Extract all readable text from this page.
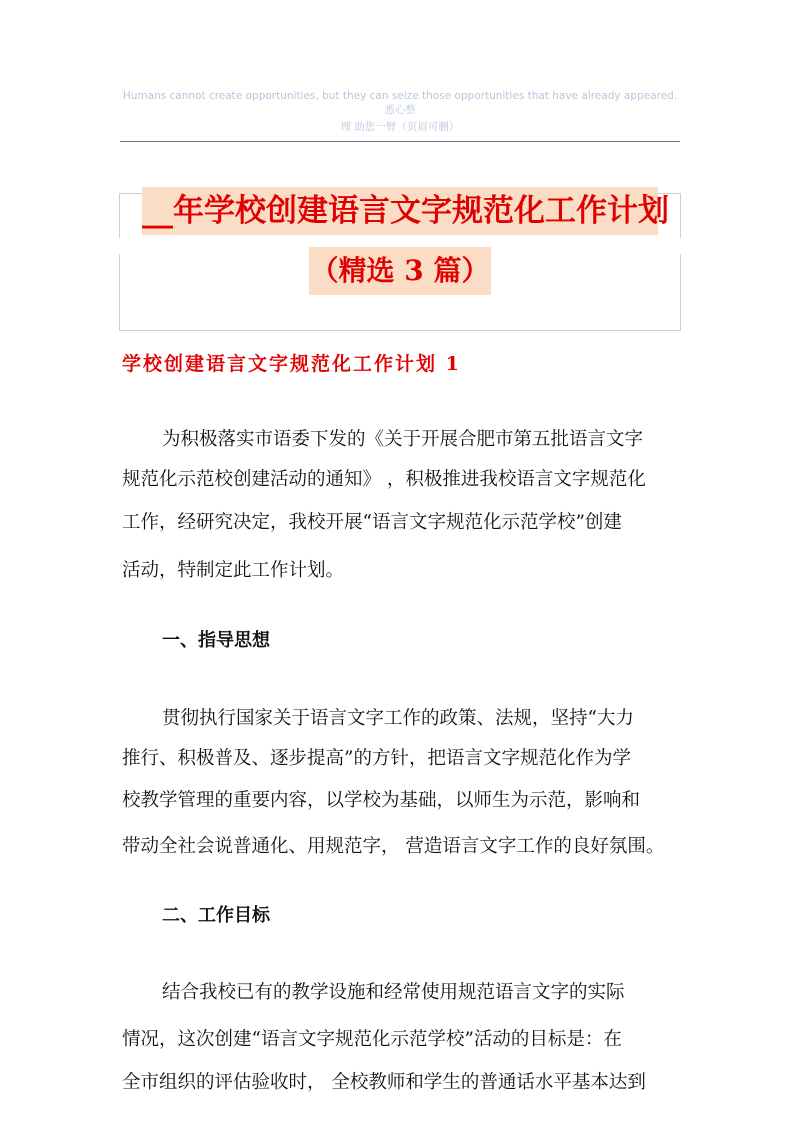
Humans cannot create opportunities, but they can seize those opportunities that have already appeared.悉心整
理 助您一臂（页眉可删）
__年学校创建语言文字规范化工作计划
（精选 3 篇）
学校创建语言文字规范化工作计划 1
为积极落实市语委下发的《关于开展合肥市第五批语言文字
规范化示范校创建活动的通知》 ，积极推进我校语言文字规范化
工作，经研究决定，我校开展“语言文字规范化示范学校”创建
活动，特制定此工作计划。
一、指导思想
贯彻执行国家关于语言文字工作的政策、法规，坚持“大力
推行、积极普及、逐步提高”的方针，把语言文字规范化作为学
校教学管理的重要内容，以学校为基础，以师生为示范，影响和
带动全社会说普通化、用规范字， 营造语言文字工作的良好氛围。
二、工作目标
结合我校已有的教学设施和经常使用规范语言文字的实际
情况，这次创建“语言文字规范化示范学校”活动的目标是：在
全市组织的评估验收时， 全校教师和学生的普通话水平基本达到
